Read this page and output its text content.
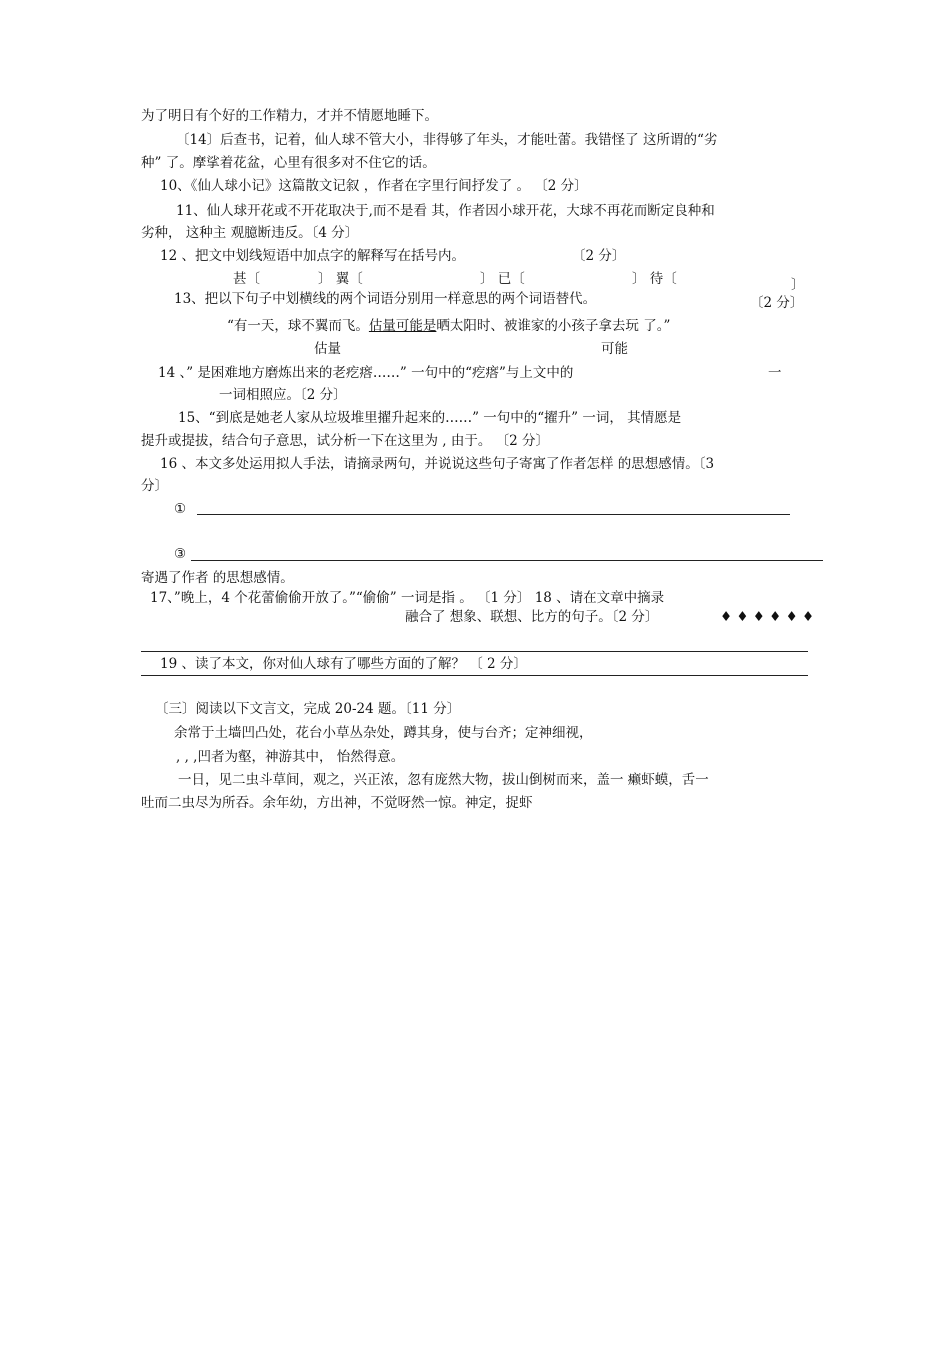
为了明日有个好的工作精力，才并不情愿地睡下。
〔14〕后查书，记着，仙人球不管大小，非得够了年头，才能吐蕾。我错怪了 这所谓的“劣
种” 了。摩挲着花盆，心里有很多对不住它的话。
10、《仙人球小记》这篇散文记叙 ，作者在字里行间抒发了 。 〔2 分〕
11、仙人球开花或不开花取决于,而不是看 其，作者因小球开花，大球不再花而断定良种和
劣种， 这种主 观臆断违反。〔4 分〕
12 、把文中划线短语中加点字的解释写在括号内。	〔2 分〕
甚〔	〕 翼〔	〕 已〔	〕 待〔	〕
13、把以下句子中划横线的两个词语分别用一样意思的两个词语替代。	〔2 分〕
“有一天，球不翼而飞。估量可能是晒太阳时、被谁家的小孩子拿去玩 了。”
估量	可能
14 、” 是困难地方磨炼出来的老疙瘩……” 一句中的“疙瘩”与上文中的	一
一词相照应。〔2 分〕
15、“到底是她老人家从垃圾堆里擢升起来的……” 一句中的“擢升” 一词， 其情愿是
提升或提拔，结合句子意思，试分析一下在这里为 , 由于。 〔2 分〕
16 、本文多处运用拟人手法，请摘录两句，并说说这些句子寄寓了作者怎样 的思想感情。〔3
分〕
①
③
寄遇了作者 的思想感情。
17、”晚上，4 个花蕾偷偷开放了。”“偷偷” 一词是指 。 〔1 分〕 18 、请在文章中摘录
融合了 想象、联想、比方的句子。〔2 分〕	♦ ♦ ♦ ♦ ♦ ♦
19 、读了本文，你对仙人球有了哪些方面的了解？ 〔 2 分〕
〔三〕阅读以下文言文，完成 20-24 题。〔11 分〕
余常于土墙凹凸处，花台小草丛杂处，蹲其身，使与台齐；定神细视，
, , ,凹者为壑，神游其中， 怡然得意。
一日，见二虫斗草间，观之，兴正浓，忽有庞然大物，拔山倒树而来，盖一 癞虾蟆，舌一
吐而二虫尽为所吞。余年幼，方出神，不觉呀然一惊。神定，捉虾
